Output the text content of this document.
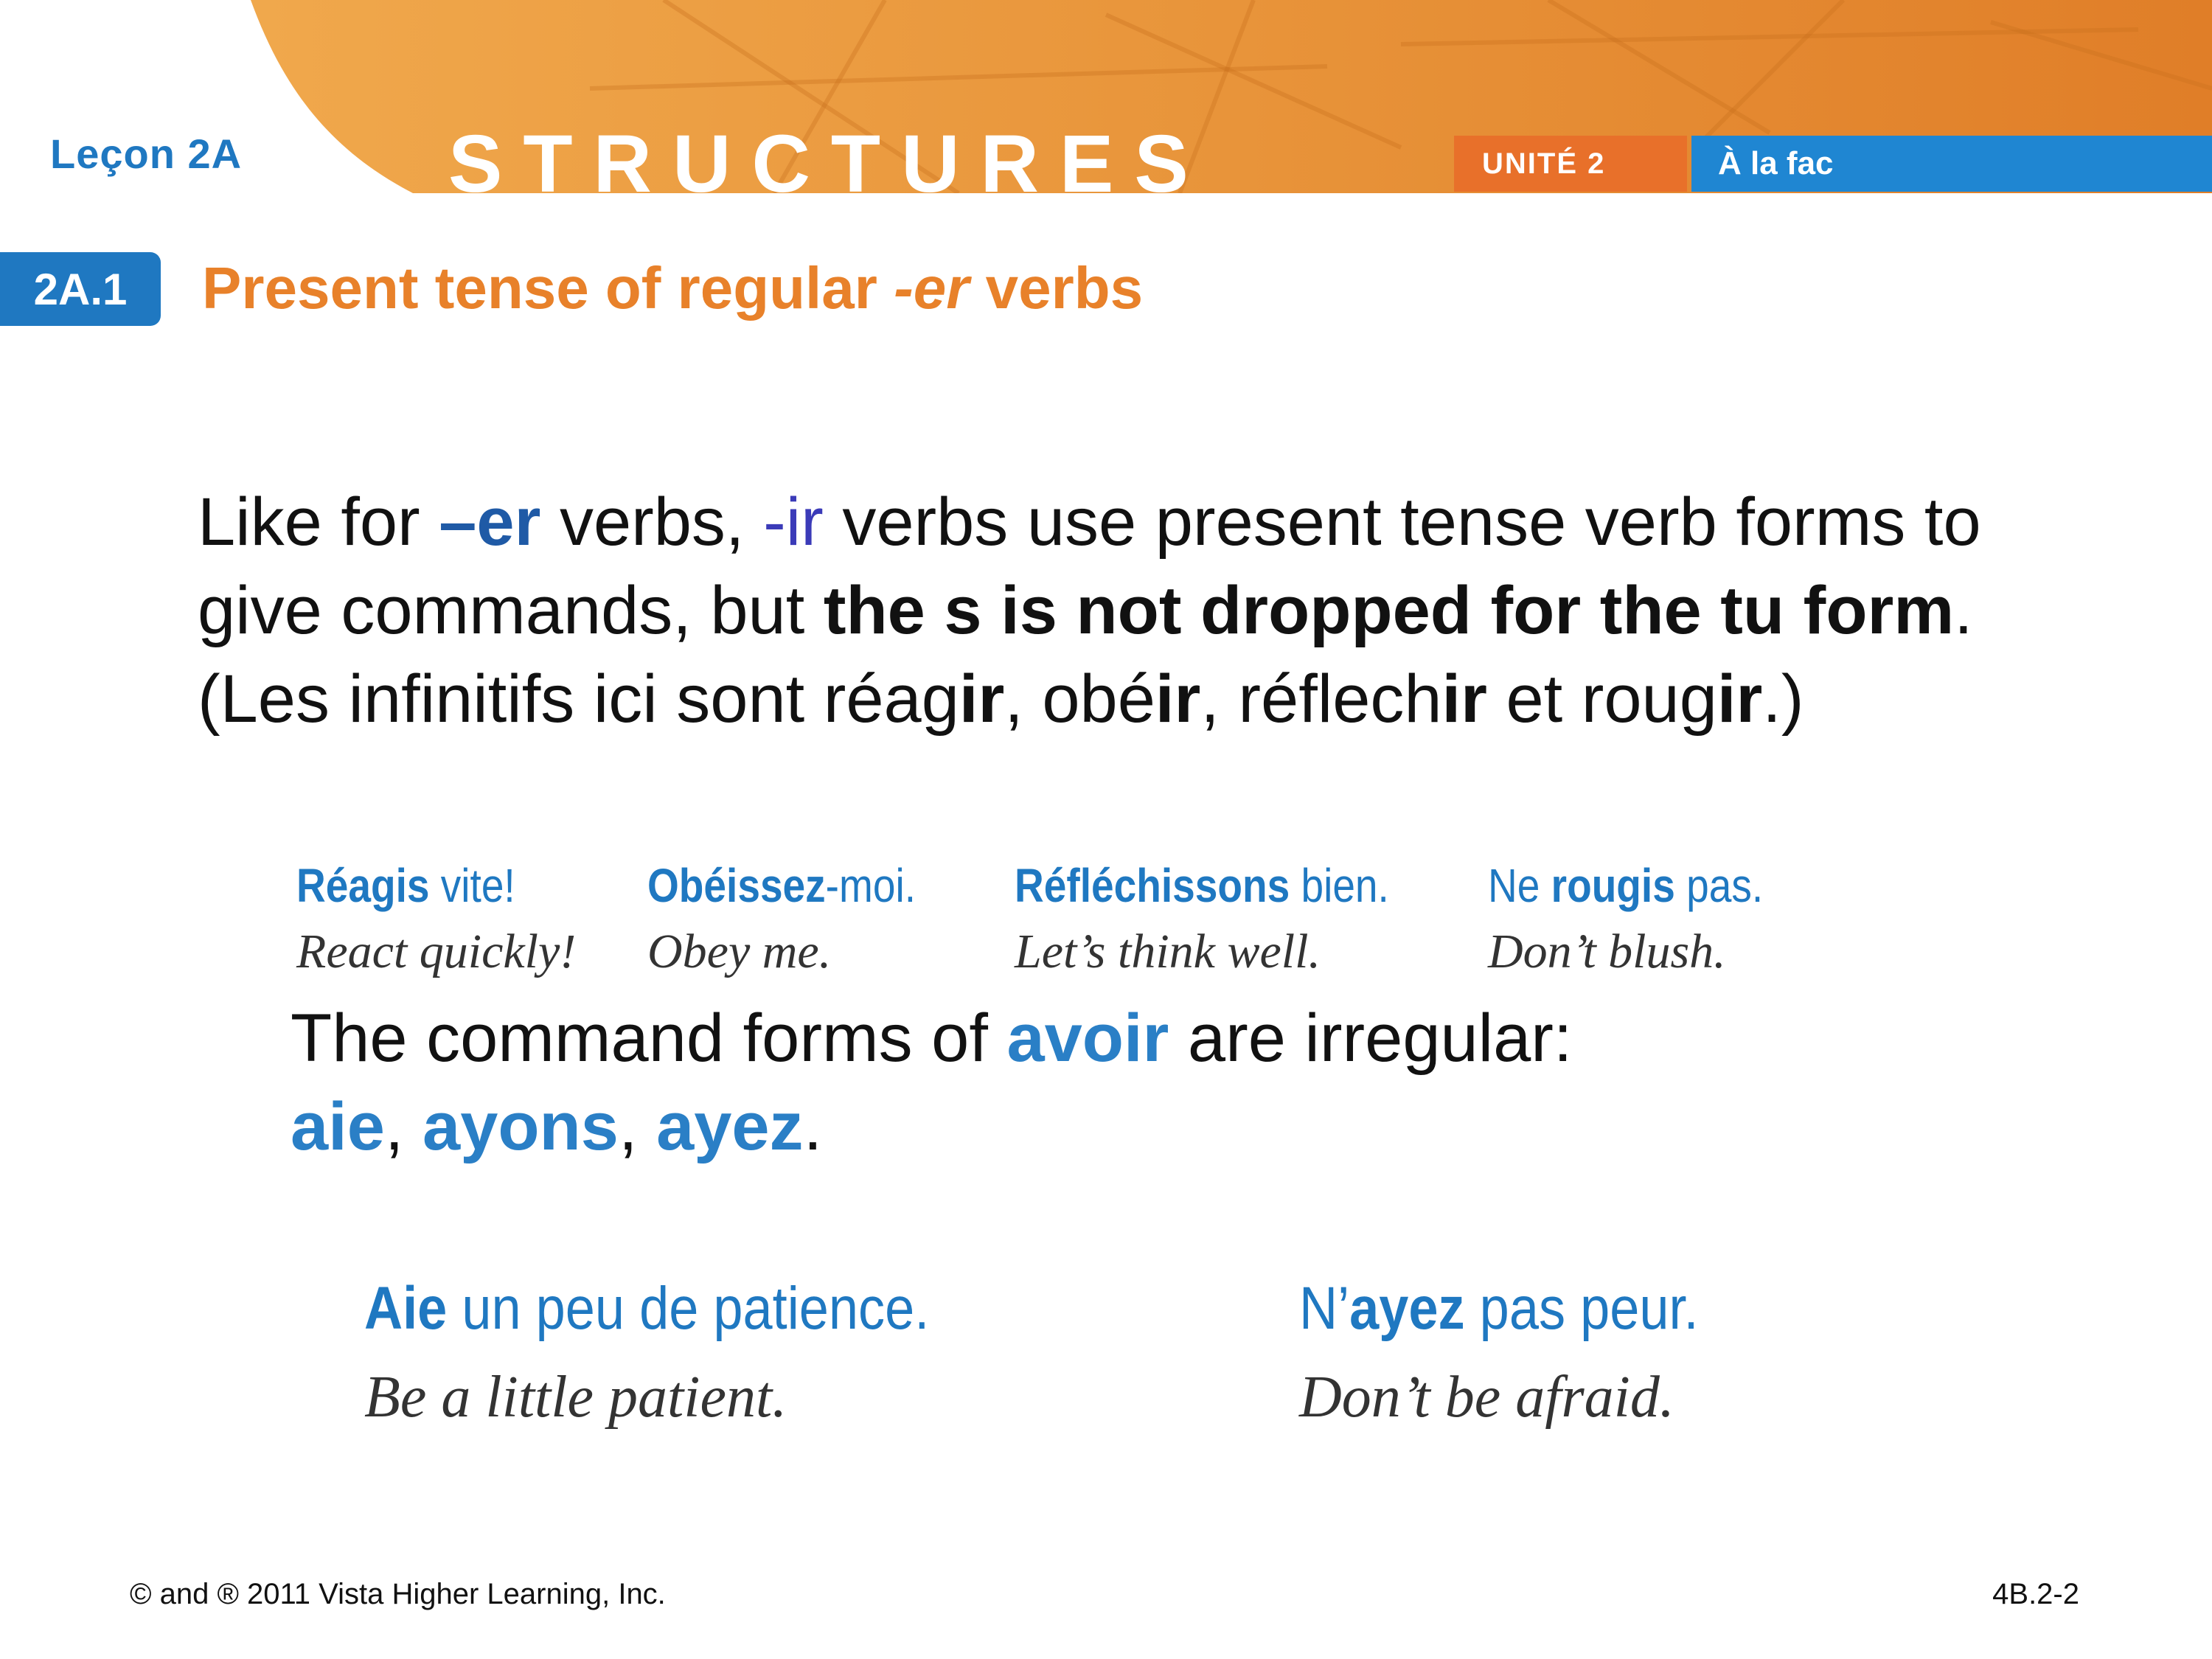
Leçon 2A	STRUCTURES	UNITÉ 2	À la fac
2A.1	Present tense of regular -er verbs
Like for –er verbs, -ir verbs use present tense verb forms to give commands, but the s is not dropped for the tu form. (Les infinitifs ici sont réagir, obéir, réflechir et rougir.)
Réagis vite!
React quickly!
Obéissez-moi.
Obey me.
Réfléchissons bien.
Let’s think well.
Ne rougis pas.
Don’t blush.
The command forms of avoir are irregular:
aie, ayons, ayez.
Aie un peu de patience.
Be a little patient.
N’ayez pas peur.
Don’t be afraid.
© and ® 2011 Vista Higher Learning, Inc.	4B.2-2
